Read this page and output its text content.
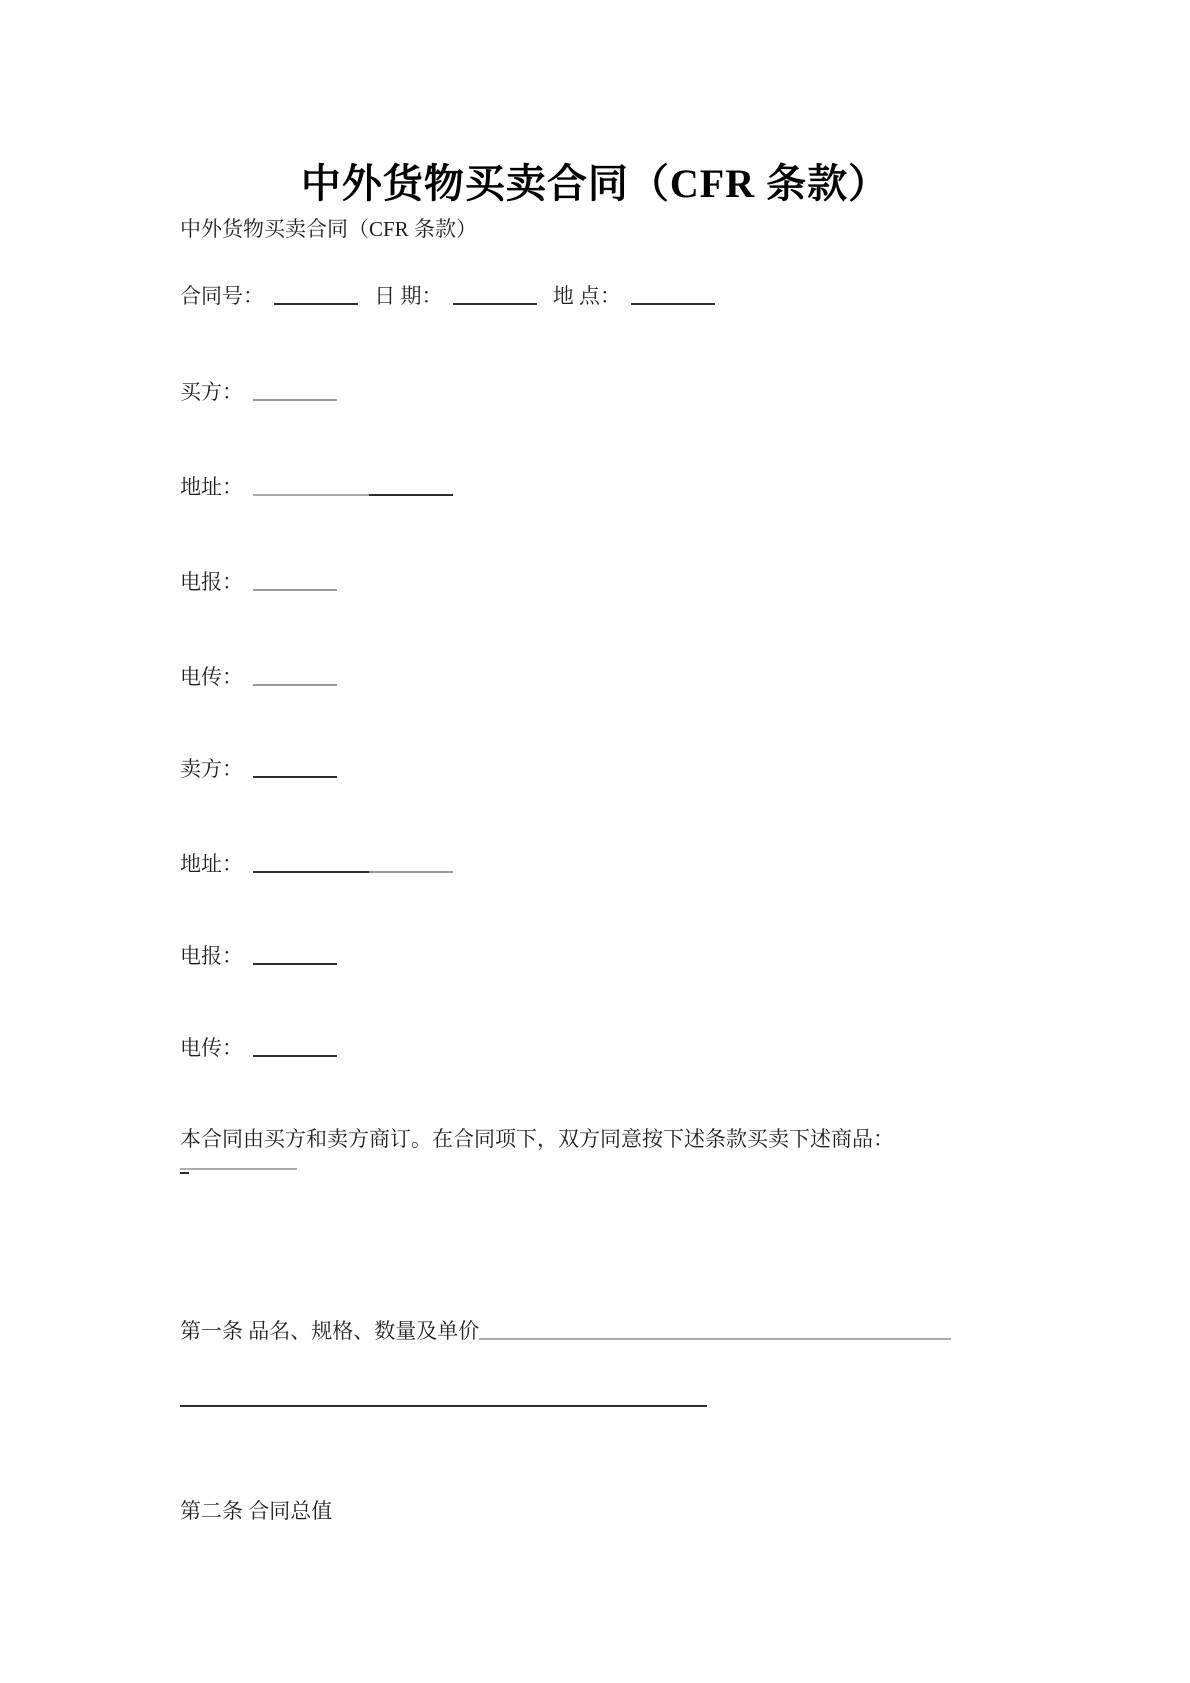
中外货物买卖合同（CFR 条款）
中外货物买卖合同（CFR 条款）
合同号：	日 期：	地 点：
买方：
地址：
电报：
电传：
卖方：
地址：
电报：
电传：
本合同由买方和卖方商订。在合同项下，双方同意按下述条款买卖下述商品：
第一条 品名、规格、数量及单价
第二条 合同总值
